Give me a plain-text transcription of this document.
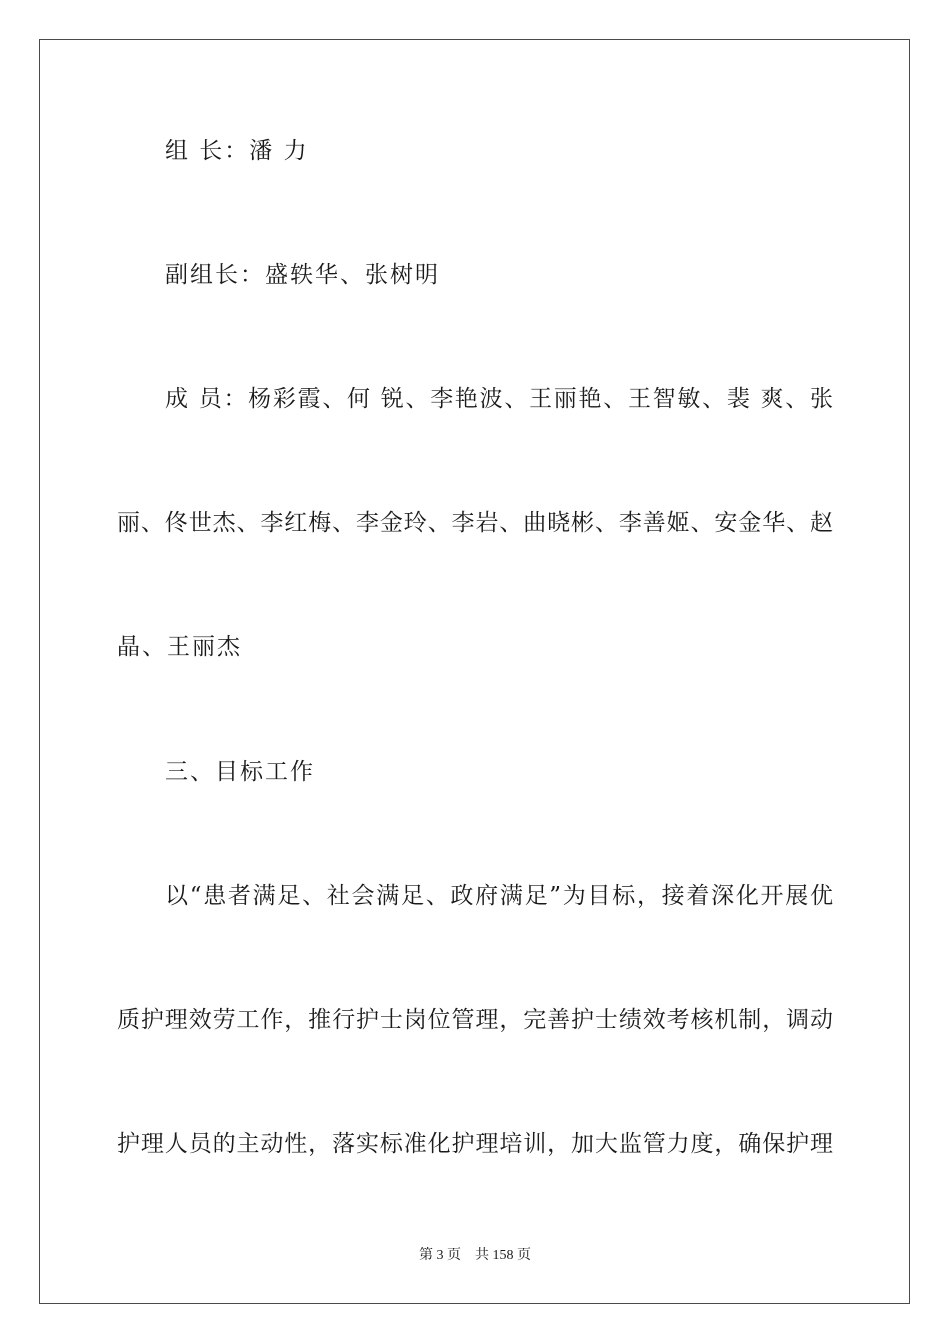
组 长：潘 力
副组长：盛轶华、张树明
成 员：杨彩霞、何 锐、李艳波、王丽艳、王智敏、裴 爽、张
丽、佟世杰、李红梅、李金玲、李岩、曲晓彬、李善姬、安金华、赵
晶、王丽杰
三、目标工作
以“患者满足、社会满足、政府满足”为目标，接着深化开展优
质护理效劳工作，推行护士岗位管理，完善护士绩效考核机制，调动
护理人员的主动性，落实标准化护理培训，加大监管力度，确保护理
第 3 页 共 158 页
